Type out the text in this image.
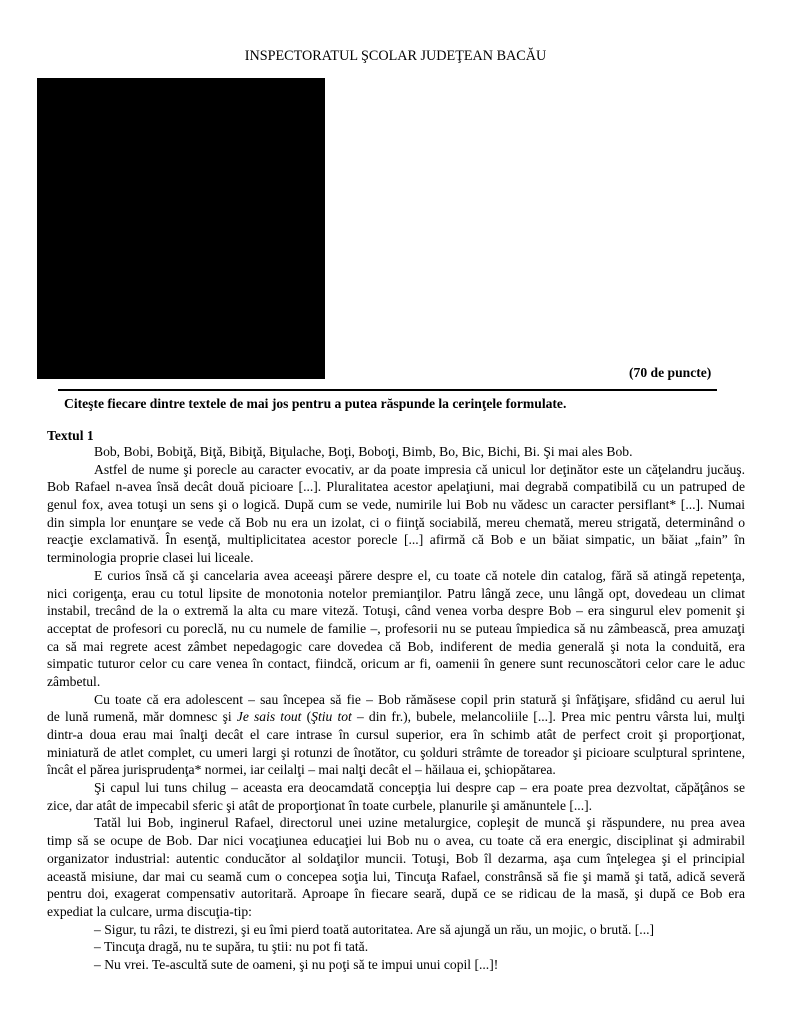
INSPECTORATUL ŞCOLAR JUDEŢEAN BACĂU
(70 de puncte)
Citeşte fiecare dintre textele de mai jos pentru a putea răspunde la cerinţele formulate.
Textul 1
Bob, Bobi, Bobiţă, Biţă, Bibiţă, Biţulache, Boţi, Boboţi, Bimb, Bo, Bic, Bichi, Bi. Şi mai ales Bob.
Astfel de nume şi porecle au caracter evocativ, ar da poate impresia că unicul lor deţinător este un căţelandru jucăuş.
Bob Rafael n-avea însă decât două picioare [...]. Pluralitatea acestor apelaţiuni, mai degrabă compatibilă cu un patruped de
genul fox, avea totuşi un sens şi o logică. După cum se vede, numirile lui Bob nu vădesc un caracter persiflant* [...]. Numai
din simpla lor enunţare se vede că Bob nu era un izolat, ci o fiinţă sociabilă, mereu chemată, mereu strigată, determinând o
reacţie exclamativă. În esenţă, multiplicitatea acestor porecle [...] afirmă că Bob e un băiat simpatic, un băiat „fain” în
terminologia proprie clasei lui liceale.
E curios însă că şi cancelaria avea aceeaşi părere despre el, cu toate că notele din catalog, fără să atingă repetenţa,
nici corigenţa, erau cu totul lipsite de monotonia notelor premianţilor. Patru lângă zece, unu lângă opt, dovedeau un climat
instabil, trecând de la o extremă la alta cu mare viteză. Totuşi, când venea vorba despre Bob – era singurul elev pomenit şi
acceptat de profesori cu poreclă, nu cu numele de familie –, profesorii nu se puteau împiedica să nu zâmbească, prea amuzaţi
ca să mai regrete acest zâmbet nepedagogic care dovedea că Bob, indiferent de media generală şi nota la conduită, era
simpatic tuturor celor cu care venea în contact, fiindcă, oricum ar fi, oamenii în genere sunt recunoscători celor care le aduc
zâmbetul.
Cu toate că era adolescent – sau începea să fie – Bob rămăsese copil prin statură şi înfăţişare, sfidând cu aerul lui
de lună rumenă, măr domnesc şi Je sais tout (Ştiu tot – din fr.), bubele, melancoliile [...]. Prea mic pentru vârsta lui, mulţi
dintr-a doua erau mai înalţi decât el care intrase în cursul superior, era în schimb atât de perfect croit şi proporţionat,
miniatură de atlet complet, cu umeri largi şi rotunzi de înotător, cu şolduri strâmte de toreador şi picioare sculptural sprintene,
încât el părea jurisprudenţa* normei, iar ceilalţi – mai nalţi decât el – hăilaua ei, şchiopătarea.
Şi capul lui tuns chilug – aceasta era deocamdată concepţia lui despre cap – era poate prea dezvoltat, căpăţânos se
zice, dar atât de impecabil sferic şi atât de proporţionat în toate curbele, planurile şi amănuntele [...].
Tatăl lui Bob, inginerul Rafael, directorul unei uzine metalurgice, copleşit de muncă şi răspundere, nu prea avea
timp să se ocupe de Bob. Dar nici vocaţiunea educaţiei lui Bob nu o avea, cu toate că era energic, disciplinat şi admirabil
organizator industrial: autentic conducător al soldaţilor muncii. Totuşi, Bob îl dezarma, aşa cum înţelegea şi el principial
această misiune, dar mai cu seamă cum o concepea soţia lui, Tincuţa Rafael, constrânsă să fie şi mamă şi tată, adică severă
pentru doi, exagerat compensativ autoritară. Aproape în fiecare seară, după ce se ridicau de la masă, şi după ce Bob era
expediat la culcare, urma discuţia-tip:
– Sigur, tu râzi, te distrezi, şi eu îmi pierd toată autoritatea. Are să ajungă un rău, un mojic, o brută. [...]
– Tincuţa dragă, nu te supăra, tu ştii: nu pot fi tată.
– Nu vrei. Te-ascultă sute de oameni, şi nu poţi să te impui unui copil [...]!
